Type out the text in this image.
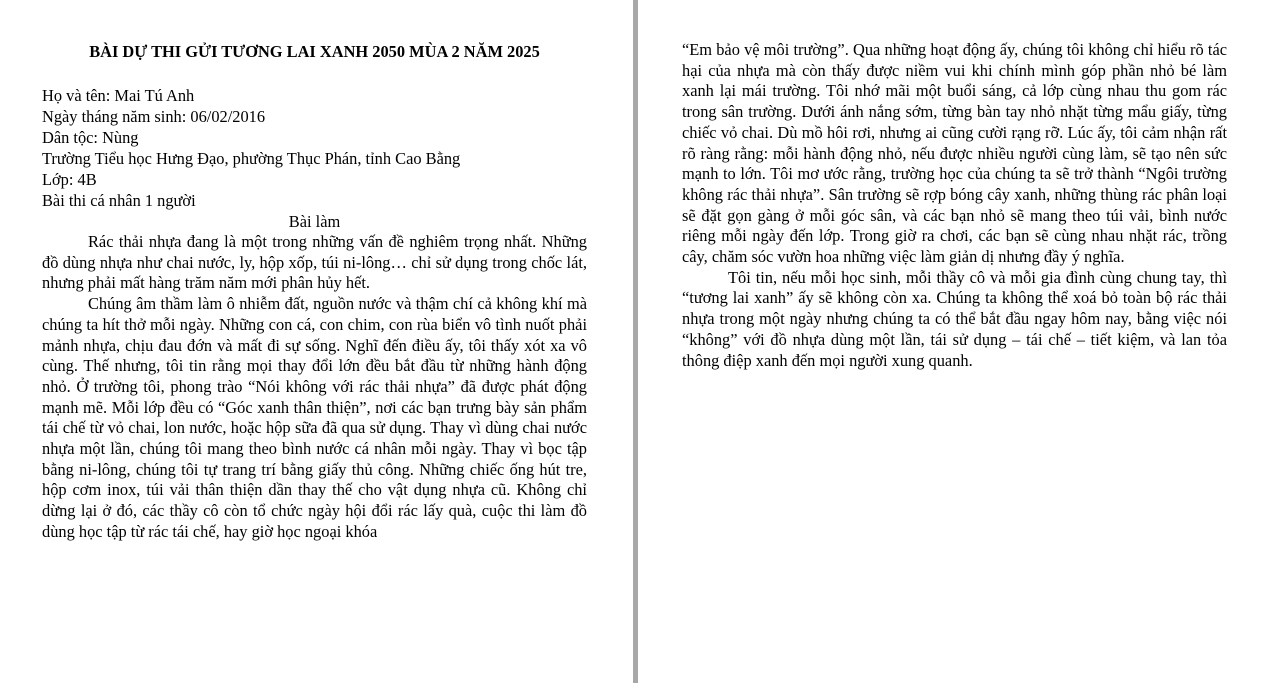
BÀI DỰ THI GỬI TƯƠNG LAI XANH 2050 MÙA 2 NĂM 2025

Họ và tên: Mai Tú Anh

Ngày tháng năm sinh: 06/02/2016

Dân tộc: Nùng

Trường Tiểu học Hưng Đạo, phường Thục Phán, tỉnh Cao Bằng

Lớp: 4B

Bài thi cá nhân 1 người

Bài làm

Rác thải nhựa đang là một trong những vấn đề nghiêm trọng nhất. Những đồ dùng nhựa như chai nước, ly, hộp xốp, túi ni-lông… chỉ sử dụng trong chốc lát, nhưng phải mất hàng trăm năm mới phân hủy hết.

Chúng âm thầm làm ô nhiễm đất, nguồn nước và thậm chí cả không khí mà chúng ta hít thở mỗi ngày. Những con cá, con chim, con rùa biển vô tình nuốt phải mảnh nhựa, chịu đau đớn và mất đi sự sống. Nghĩ đến điều ấy, tôi thấy xót xa vô cùng. Thế nhưng, tôi tin rằng mọi thay đổi lớn đều bắt đầu từ những hành động nhỏ. Ở trường tôi, phong trào “Nói không với rác thải nhựa” đã được phát động mạnh mẽ. Mỗi lớp đều có “Góc xanh thân thiện”, nơi các bạn trưng bày sản phẩm tái chế từ vỏ chai, lon nước, hoặc hộp sữa đã qua sử dụng. Thay vì dùng chai nước nhựa một lần, chúng tôi mang theo bình nước cá nhân mỗi ngày. Thay vì bọc tập bằng ni-lông, chúng tôi tự trang trí bằng giấy thủ công. Những chiếc ống hút tre, hộp cơm inox, túi vải thân thiện dần thay thế cho vật dụng nhựa cũ. Không chỉ dừng lại ở đó, các thầy cô còn tổ chức ngày hội đổi rác lấy quà, cuộc thi làm đồ dùng học tập từ rác tái chế, hay giờ học ngoại khóa

“Em bảo vệ môi trường”. Qua những hoạt động ấy, chúng tôi không chỉ hiểu rõ tác hại của nhựa mà còn thấy được niềm vui khi chính mình góp phần nhỏ bé làm xanh lại mái trường. Tôi nhớ mãi một buổi sáng, cả lớp cùng nhau thu gom rác trong sân trường. Dưới ánh nắng sớm, từng bàn tay nhỏ nhặt từng mẩu giấy, từng chiếc vỏ chai. Dù mồ hôi rơi, nhưng ai cũng cười rạng rỡ. Lúc ấy, tôi cảm nhận rất rõ ràng rằng: mỗi hành động nhỏ, nếu được nhiều người cùng làm, sẽ tạo nên sức mạnh to lớn. Tôi mơ ước rằng, trường học của chúng ta sẽ trở thành “Ngôi trường không rác thải nhựa”. Sân trường sẽ rợp bóng cây xanh, những thùng rác phân loại sẽ đặt gọn gàng ở mỗi góc sân, và các bạn nhỏ sẽ mang theo túi vải, bình nước riêng mỗi ngày đến lớp. Trong giờ ra chơi, các bạn sẽ cùng nhau nhặt rác, trồng cây, chăm sóc vườn hoa những việc làm giản dị nhưng đầy ý nghĩa.

Tôi tin, nếu mỗi học sinh, mỗi thầy cô và mỗi gia đình cùng chung tay, thì “tương lai xanh” ấy sẽ không còn xa. Chúng ta không thể xoá bỏ toàn bộ rác thải nhựa trong một ngày nhưng chúng ta có thể bắt đầu ngay hôm nay, bằng việc nói “không” với đồ nhựa dùng một lần, tái sử dụng – tái chế – tiết kiệm, và lan tỏa thông điệp xanh đến mọi người xung quanh.
